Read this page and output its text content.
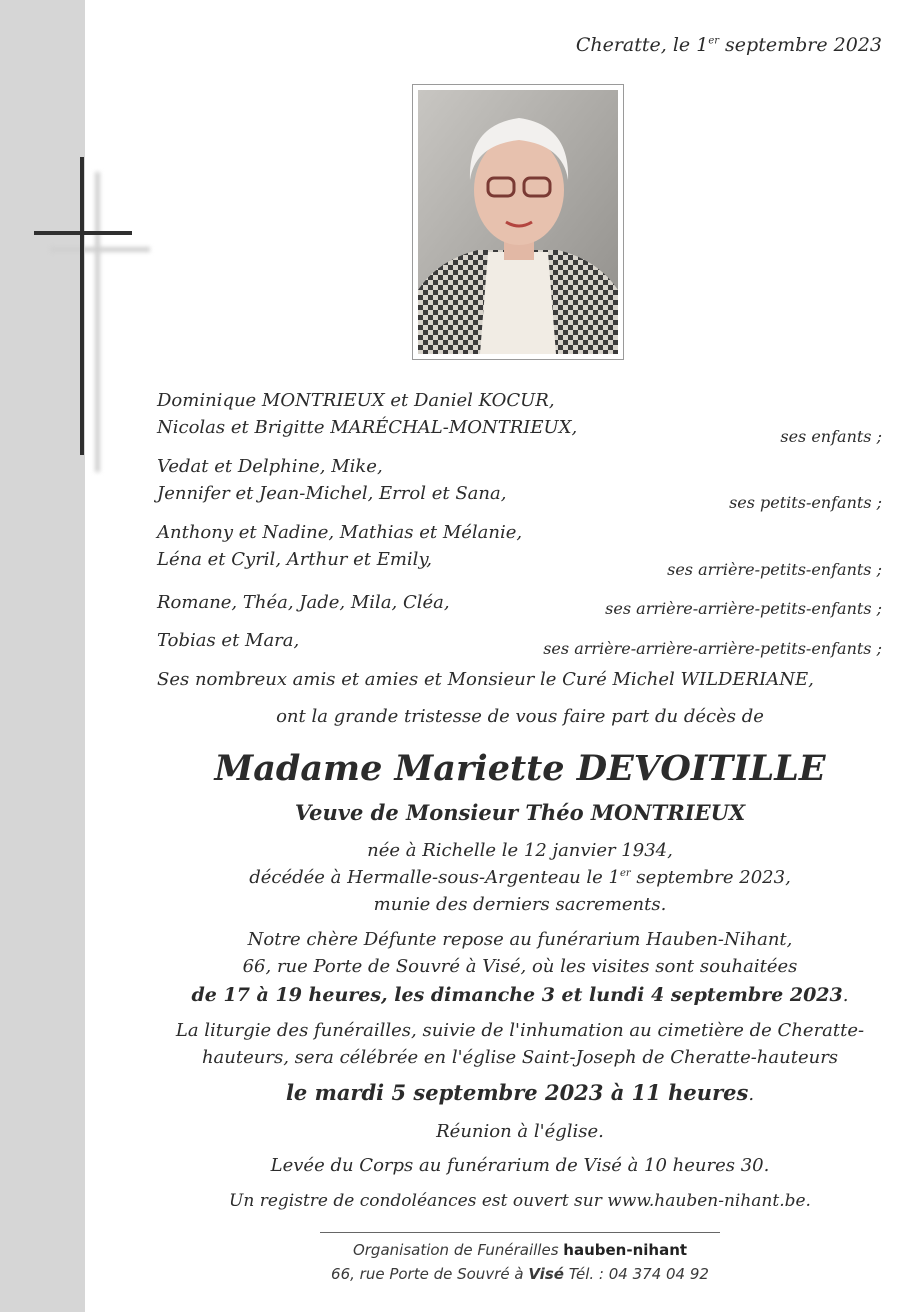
Cheratte, le 1er septembre 2023
Dominique MONTRIEUX et Daniel KOCUR,
Nicolas et Brigitte MARÉCHAL-MONTRIEUX,	ses enfants ;
Vedat et Delphine, Mike,
Jennifer et Jean-Michel, Errol et Sana,	ses petits-enfants ;
Anthony et Nadine, Mathias et Mélanie,
Léna et Cyril, Arthur et Emily,	ses arrière-petits-enfants ;
Romane, Théa, Jade, Mila, Cléa,	ses arrière-arrière-petits-enfants ;
Tobias et Mara,	ses arrière-arrière-arrière-petits-enfants ;
Ses nombreux amis et amies et Monsieur le Curé Michel WILDERIANE,
ont la grande tristesse de vous faire part du décès de
Madame Mariette DEVOITILLE
Veuve de Monsieur Théo MONTRIEUX
née à Richelle le 12 janvier 1934,
décédée à Hermalle-sous-Argenteau le 1er septembre 2023,
munie des derniers sacrements.
Notre chère Défunte repose au funérarium Hauben-Nihant,
66, rue Porte de Souvré à Visé, où les visites sont souhaitées
de 17 à 19 heures, les dimanche 3 et lundi 4 septembre 2023.
La liturgie des funérailles, suivie de l'inhumation au cimetière de Cheratte-
hauteurs, sera célébrée en l'église Saint-Joseph de Cheratte-hauteurs
le mardi 5 septembre 2023 à 11 heures.
Réunion à l'église.
Levée du Corps au funérarium de Visé à 10 heures 30.
Un registre de condoléances est ouvert sur www.hauben-nihant.be.
Organisation de Funérailles hauben-nihant
66, rue Porte de Souvré à Visé Tél. : 04 374 04 92
